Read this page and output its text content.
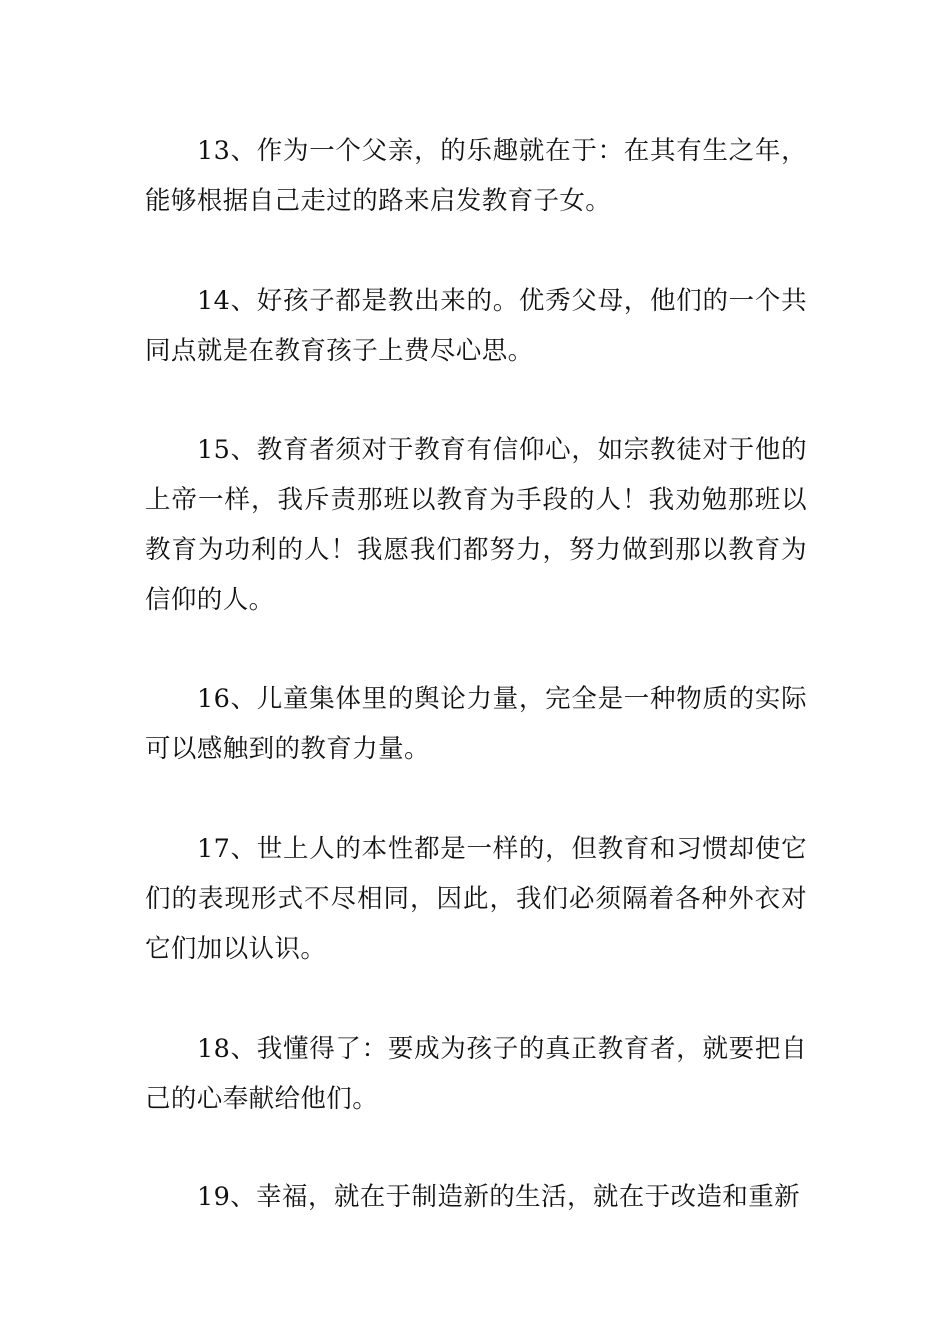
13、作为一个父亲，的乐趣就在于：在其有生之年，能够根据自己走过的路来启发教育子女。

14、好孩子都是教出来的。优秀父母，他们的一个共同点就是在教育孩子上费尽心思。

15、教育者须对于教育有信仰心，如宗教徒对于他的上帝一样，我斥责那班以教育为手段的人！我劝勉那班以教育为功利的人！我愿我们都努力，努力做到那以教育为信仰的人。

16、儿童集体里的舆论力量，完全是一种物质的实际可以感触到的教育力量。

17、世上人的本性都是一样的，但教育和习惯却使它们的表现形式不尽相同，因此，我们必须隔着各种外衣对它们加以认识。

18、我懂得了：要成为孩子的真正教育者，就要把自己的心奉献给他们。

19、幸福，就在于制造新的生活，就在于改造和重新
